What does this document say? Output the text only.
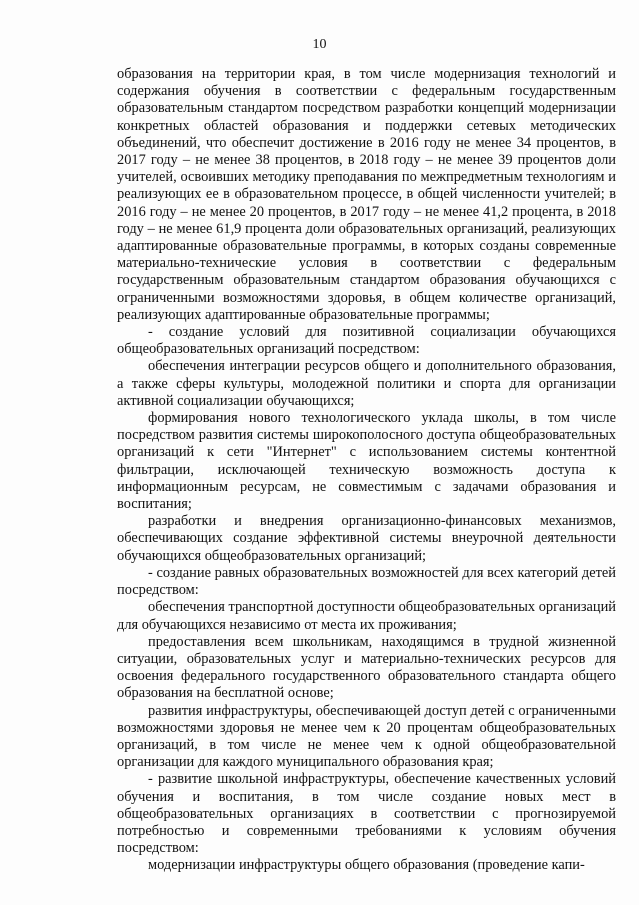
10

образования на территории края, в том числе модернизация технологий и содержания обучения в соответствии с федеральным государственным образовательным стандартом посредством разработки концепций модернизации конкретных областей образования и поддержки сетевых методических объединений, что обеспечит достижение в 2016 году не менее 34 процентов, в 2017 году – не менее 38 процентов, в 2018 году – не менее 39 процентов доли учителей, освоивших методику преподавания по межпредметным технологиям и реализующих ее в образовательном процессе, в общей численности учителей; в 2016 году – не менее 20 процентов, в 2017 году – не менее 41,2 процента, в 2018 году – не менее 61,9 процента доли образовательных организаций, реализующих адаптированные образовательные программы, в которых созданы современные материально-технические условия в соответствии с федеральным государственным образовательным стандартом образования обучающихся с ограниченными возможностями здоровья, в общем количестве организаций, реализующих адаптированные образовательные программы;

- создание условий для позитивной социализации обучающихся общеобразовательных организаций посредством:

обеспечения интеграции ресурсов общего и дополнительного образования, а также сферы культуры, молодежной политики и спорта для организации активной социализации обучающихся;

формирования нового технологического уклада школы, в том числе посредством развития системы широкополосного доступа общеобразовательных организаций к сети "Интернет" с использованием системы контентной фильтрации, исключающей техническую возможность доступа к информационным ресурсам, не совместимым с задачами образования и воспитания;

разработки и внедрения организационно-финансовых механизмов, обеспечивающих создание эффективной системы внеурочной деятельности обучающихся общеобразовательных организаций;

- создание равных образовательных возможностей для всех категорий детей посредством:

обеспечения транспортной доступности общеобразовательных организаций для обучающихся независимо от места их проживания;

предоставления всем школьникам, находящимся в трудной жизненной ситуации, образовательных услуг и материально-технических ресурсов для освоения федерального государственного образовательного стандарта общего образования на бесплатной основе;

развития инфраструктуры, обеспечивающей доступ детей с ограниченными возможностями здоровья не менее чем к 20 процентам общеобразовательных организаций, в том числе не менее чем к одной общеобразовательной организации для каждого муниципального образования края;

- развитие школьной инфраструктуры, обеспечение качественных условий обучения и воспитания, в том числе создание новых мест в общеобразовательных организациях в соответствии с прогнозируемой потребностью и современными требованиями к условиям обучения посредством:

модернизации инфраструктуры общего образования (проведение капи-
